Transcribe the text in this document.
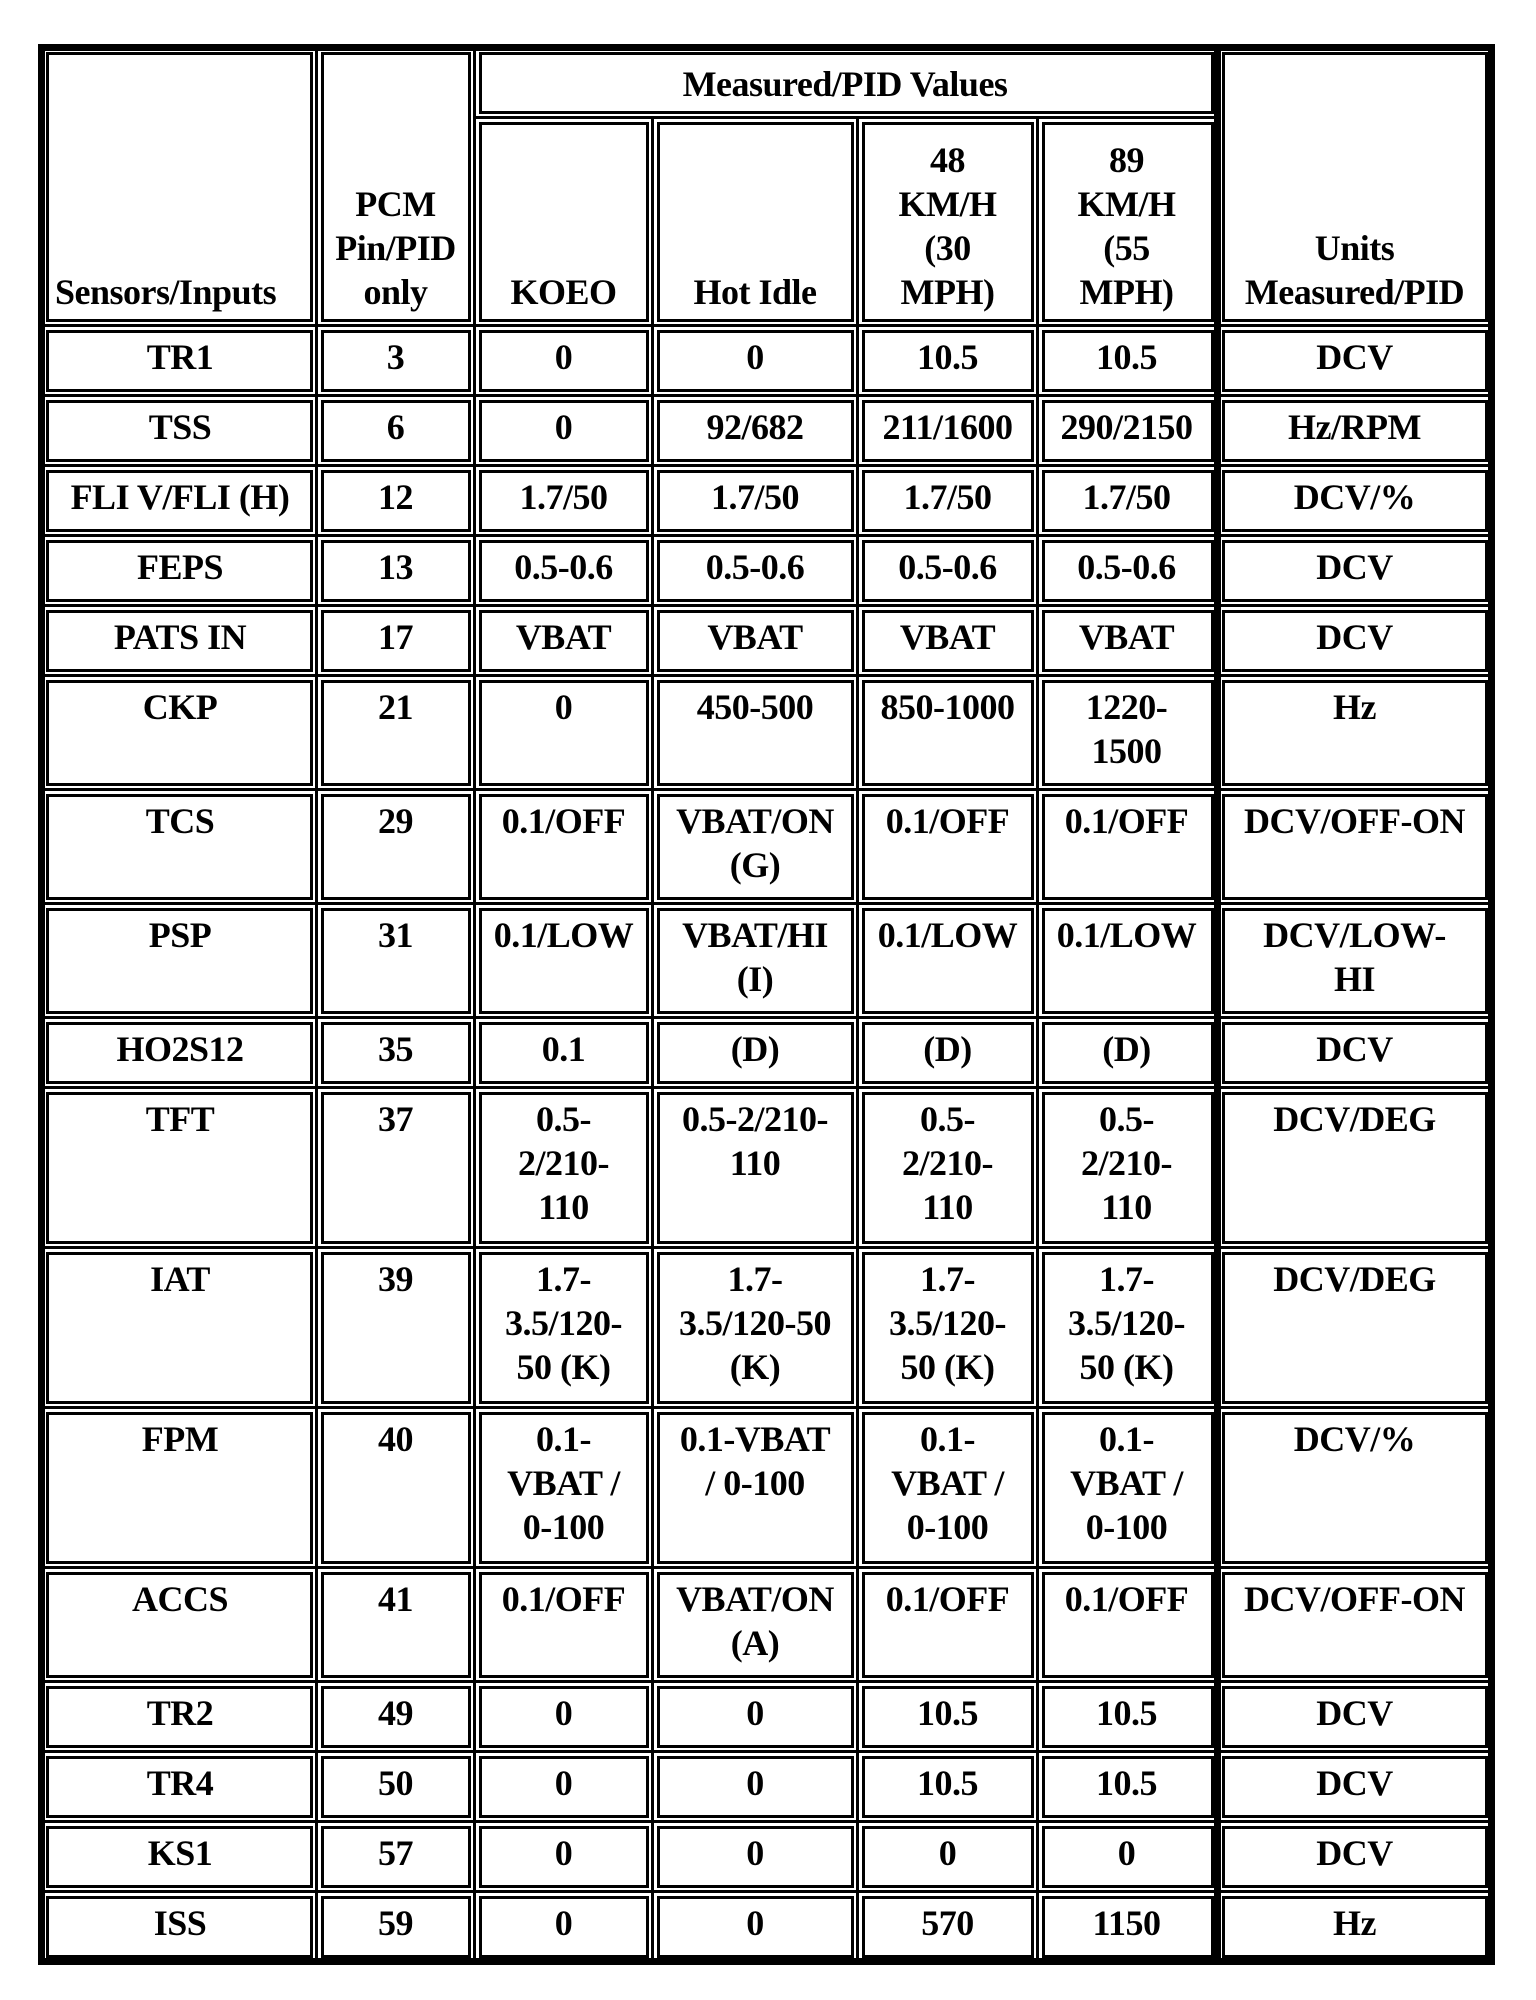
Sensors/Inputs	PCM
Pin/PID
only	Measured/PID Values				Units
Measured/PID
		KOEO	Hot Idle	48
KM/H
(30
MPH)	89
KM/H
(55
MPH)	
TR1	3	0	0	10.5	10.5	DCV
TSS	6	0	92/682	211/1600	290/2150	Hz/RPM
FLI V/FLI (H)	12	1.7/50	1.7/50	1.7/50	1.7/50	DCV/%
FEPS	13	0.5-0.6	0.5-0.6	0.5-0.6	0.5-0.6	DCV
PATS IN	17	VBAT	VBAT	VBAT	VBAT	DCV
CKP	21	0	450-500	850-1000	1220-
1500	Hz
TCS	29	0.1/OFF	VBAT/ON
(G)	0.1/OFF	0.1/OFF	DCV/OFF-ON
PSP	31	0.1/LOW	VBAT/HI
(I)	0.1/LOW	0.1/LOW	DCV/LOW-
HI
HO2S12	35	0.1	(D)	(D)	(D)	DCV
TFT	37	0.5-
2/210-
110	0.5-2/210-
110	0.5-
2/210-
110	0.5-
2/210-
110	DCV/DEG
IAT	39	1.7-
3.5/120-
50 (K)	1.7-
3.5/120-50
(K)	1.7-
3.5/120-
50 (K)	1.7-
3.5/120-
50 (K)	DCV/DEG
FPM	40	0.1-
VBAT /
0-100	0.1-VBAT
/ 0-100	0.1-
VBAT /
0-100	0.1-
VBAT /
0-100	DCV/%
ACCS	41	0.1/OFF	VBAT/ON
(A)	0.1/OFF	0.1/OFF	DCV/OFF-ON
TR2	49	0	0	10.5	10.5	DCV
TR4	50	0	0	10.5	10.5	DCV
KS1	57	0	0	0	0	DCV
ISS	59	0	0	570	1150	Hz
